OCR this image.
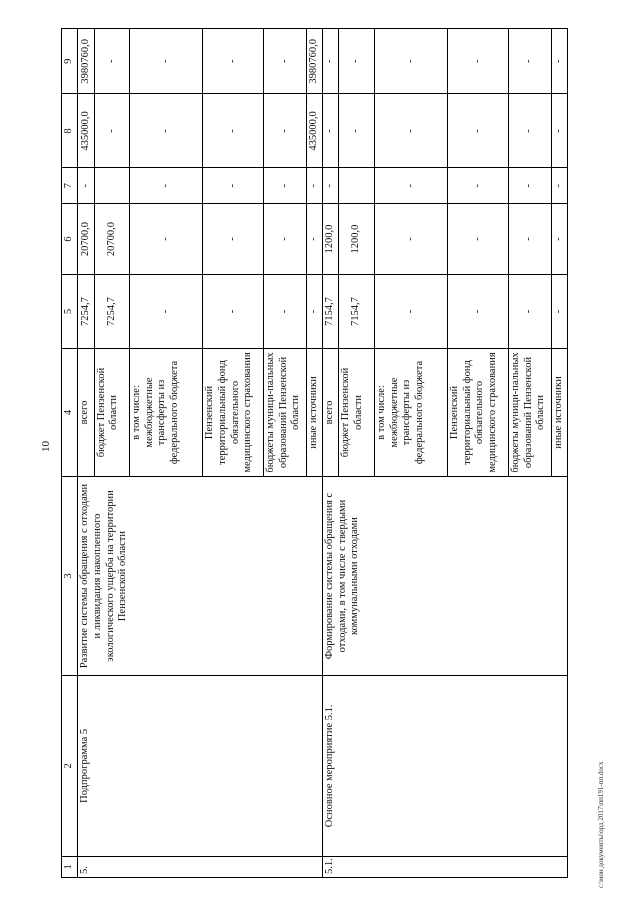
10
1	2	3	4	5	6	7	8	9
5.	Подпрограмма 5	Развитие системы обращения с отходами и ликвидация накопленного экологического ущерба на территории Пензенской области	всего	7254,7	20700,0	-	435000,0	3980760,0
			бюджет Пензенской области	7254,7	20700,0		-	-
			в том числе: межбюджетные трансферты из федерального бюджета	-	-	-	-	-
			Пензенский территориальный фонд обязательного медицинского страхования	-	-	-	-	-
			бюджеты муници-пальных образований Пензенской области	-	-	-	-	-
			иные источники	-	-	-	435000,0	3980760,0
5.1.	Основное мероприятие 5.1.	Формирование системы обращения с отходами, в том числе с твердыми коммунальными отходами	всего	7154,7	1200,0	-	-	-
			бюджет Пензенской области	7154,7	1200,0		-	-
			в том числе: межбюджетные трансферты из федерального бюджета	-	-	-	-	-
			Пензенский территориальный фонд обязательного медицинского страхования	-	-	-	-	-
			бюджеты муници-пальных образований Пензенской области	-	-	-	-	-
			иные источники	-	-	-	-	-
c:\мои документы\орд 2017\пп191-пп.docx
